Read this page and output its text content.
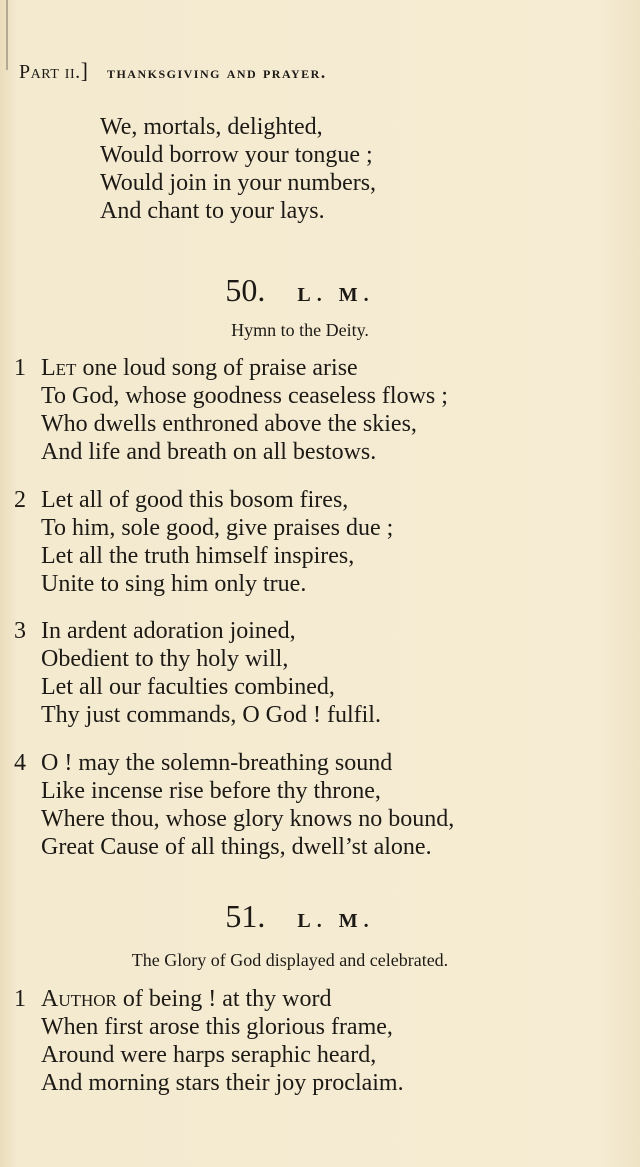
Part ii.] thanksgiving and prayer.
We, mortals, delighted,
Would borrow your tongue ;
Would join in your numbers,
And chant to your lays.
50. L. M.
Hymn to the Deity.
1 Let one loud song of praise arise
To God, whose goodness ceaseless flows ;
Who dwells enthroned above the skies,
And life and breath on all bestows.
2 Let all of good this bosom fires,
To him, sole good, give praises due ;
Let all the truth himself inspires,
Unite to sing him only true.
3 In ardent adoration joined,
Obedient to thy holy will,
Let all our faculties combined,
Thy just commands, O God ! fulfil.
4 O ! may the solemn-breathing sound
Like incense rise before thy throne,
Where thou, whose glory knows no bound,
Great Cause of all things, dwell’st alone.
51. L. M.
The Glory of God displayed and celebrated.
1 Author of being ! at thy word
When first arose this glorious frame,
Around were harps seraphic heard,
And morning stars their joy proclaim.
